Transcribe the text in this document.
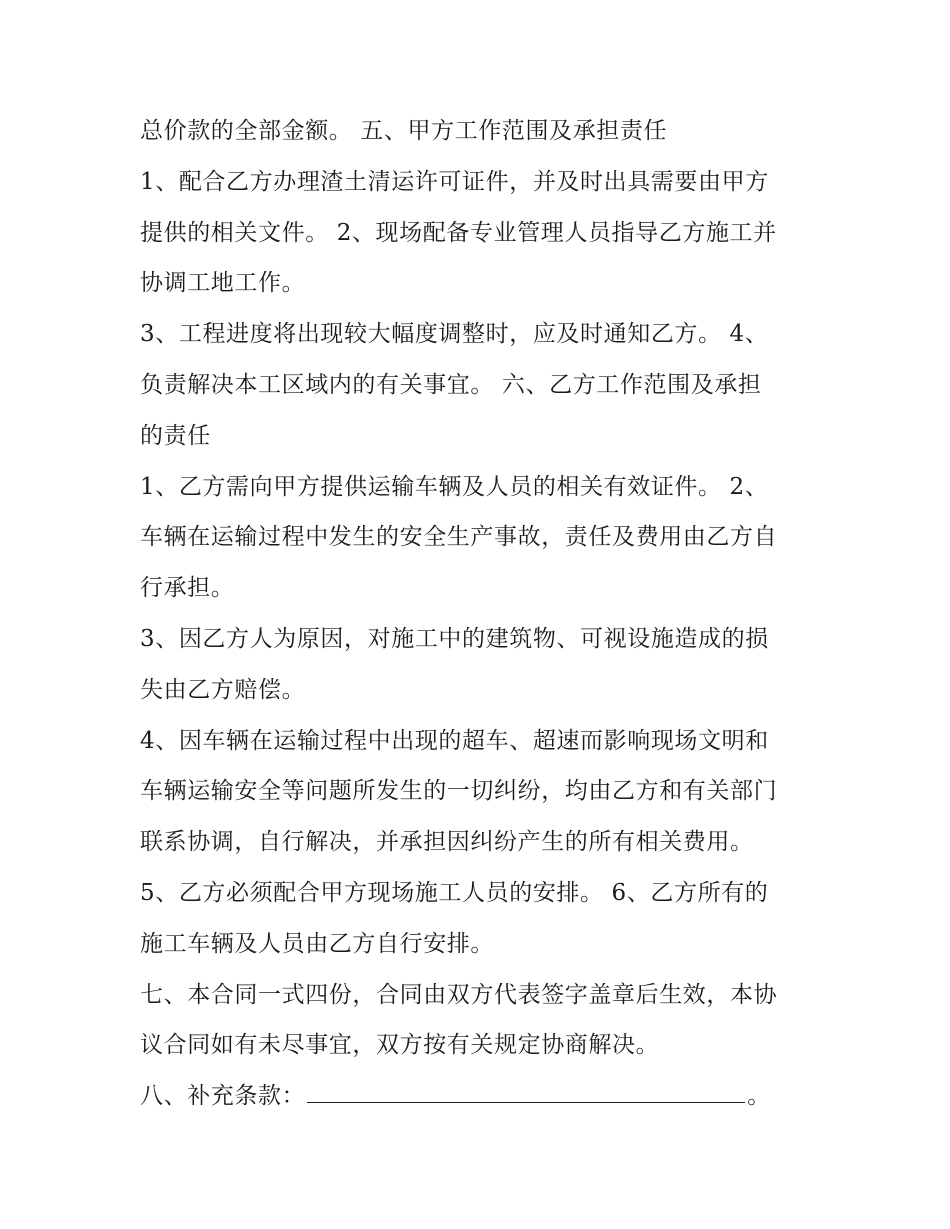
总价款的全部金额。 五、甲方工作范围及承担责任
1、配合乙方办理渣土清运许可证件，并及时出具需要由甲方
提供的相关文件。 2、现场配备专业管理人员指导乙方施工并
协调工地工作。
3、工程进度将出现较大幅度调整时，应及时通知乙方。 4、
负责解决本工区域内的有关事宜。 六、乙方工作范围及承担
的责任
1、乙方需向甲方提供运输车辆及人员的相关有效证件。 2、
车辆在运输过程中发生的安全生产事故，责任及费用由乙方自
行承担。
3、因乙方人为原因，对施工中的建筑物、可视设施造成的损
失由乙方赔偿。
4、因车辆在运输过程中出现的超车、超速而影响现场文明和
车辆运输安全等问题所发生的一切纠纷，均由乙方和有关部门
联系协调，自行解决，并承担因纠纷产生的所有相关费用。
5、乙方必须配合甲方现场施工人员的安排。 6、乙方所有的
施工车辆及人员由乙方自行安排。
七、本合同一式四份，合同由双方代表签字盖章后生效，本协
议合同如有未尽事宜，双方按有关规定协商解决。
八、补充条款：	。
